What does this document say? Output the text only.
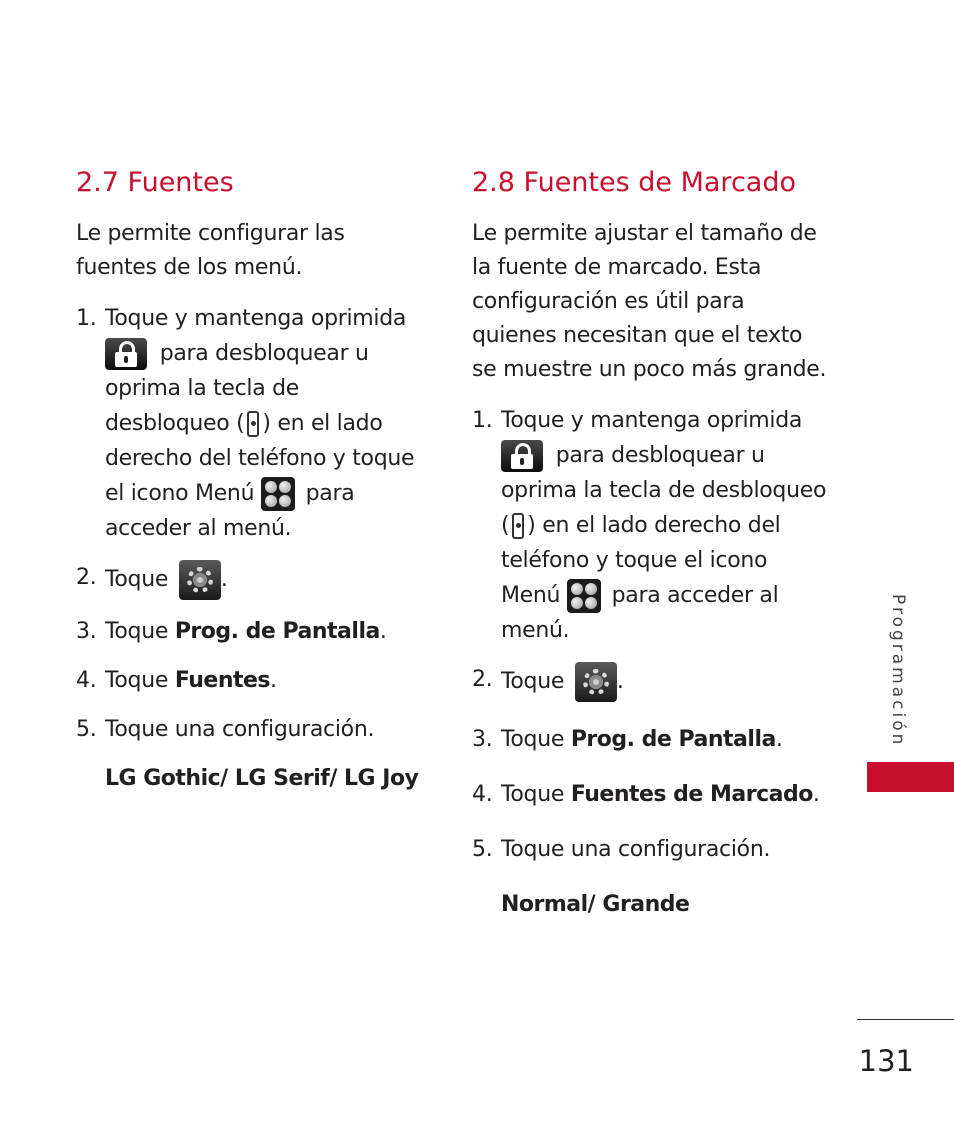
2.7 Fuentes

Le permite configurar las fuentes de los menú.

1. Toque y mantenga oprimida

para desbloquear u oprima la tecla de desbloqueo ( ) en el lado derecho del teléfono y toque el icono Menú para acceder al menú.
2. Toque .
3. Toque Prog. de Pantalla.
4. Toque Fuentes.
5. Toque una configuración.
LG Gothic/ LG Serif/ LG Joy
2.8 Fuentes de Marcado

Le permite ajustar el tamaño de la fuente de marcado. Esta configuración es útil para quienes necesitan que el texto se muestre un poco más grande.

1. Toque y mantenga oprimida

para desbloquear u oprima la tecla de desbloqueo ( ) en el lado derecho del teléfono y toque el icono Menú para acceder al menú.
2. Toque .
3. Toque Prog. de Pantalla.
4. Toque Fuentes de Marcado.
5. Toque una configuración.
Normal/ Grande
Programación
131
